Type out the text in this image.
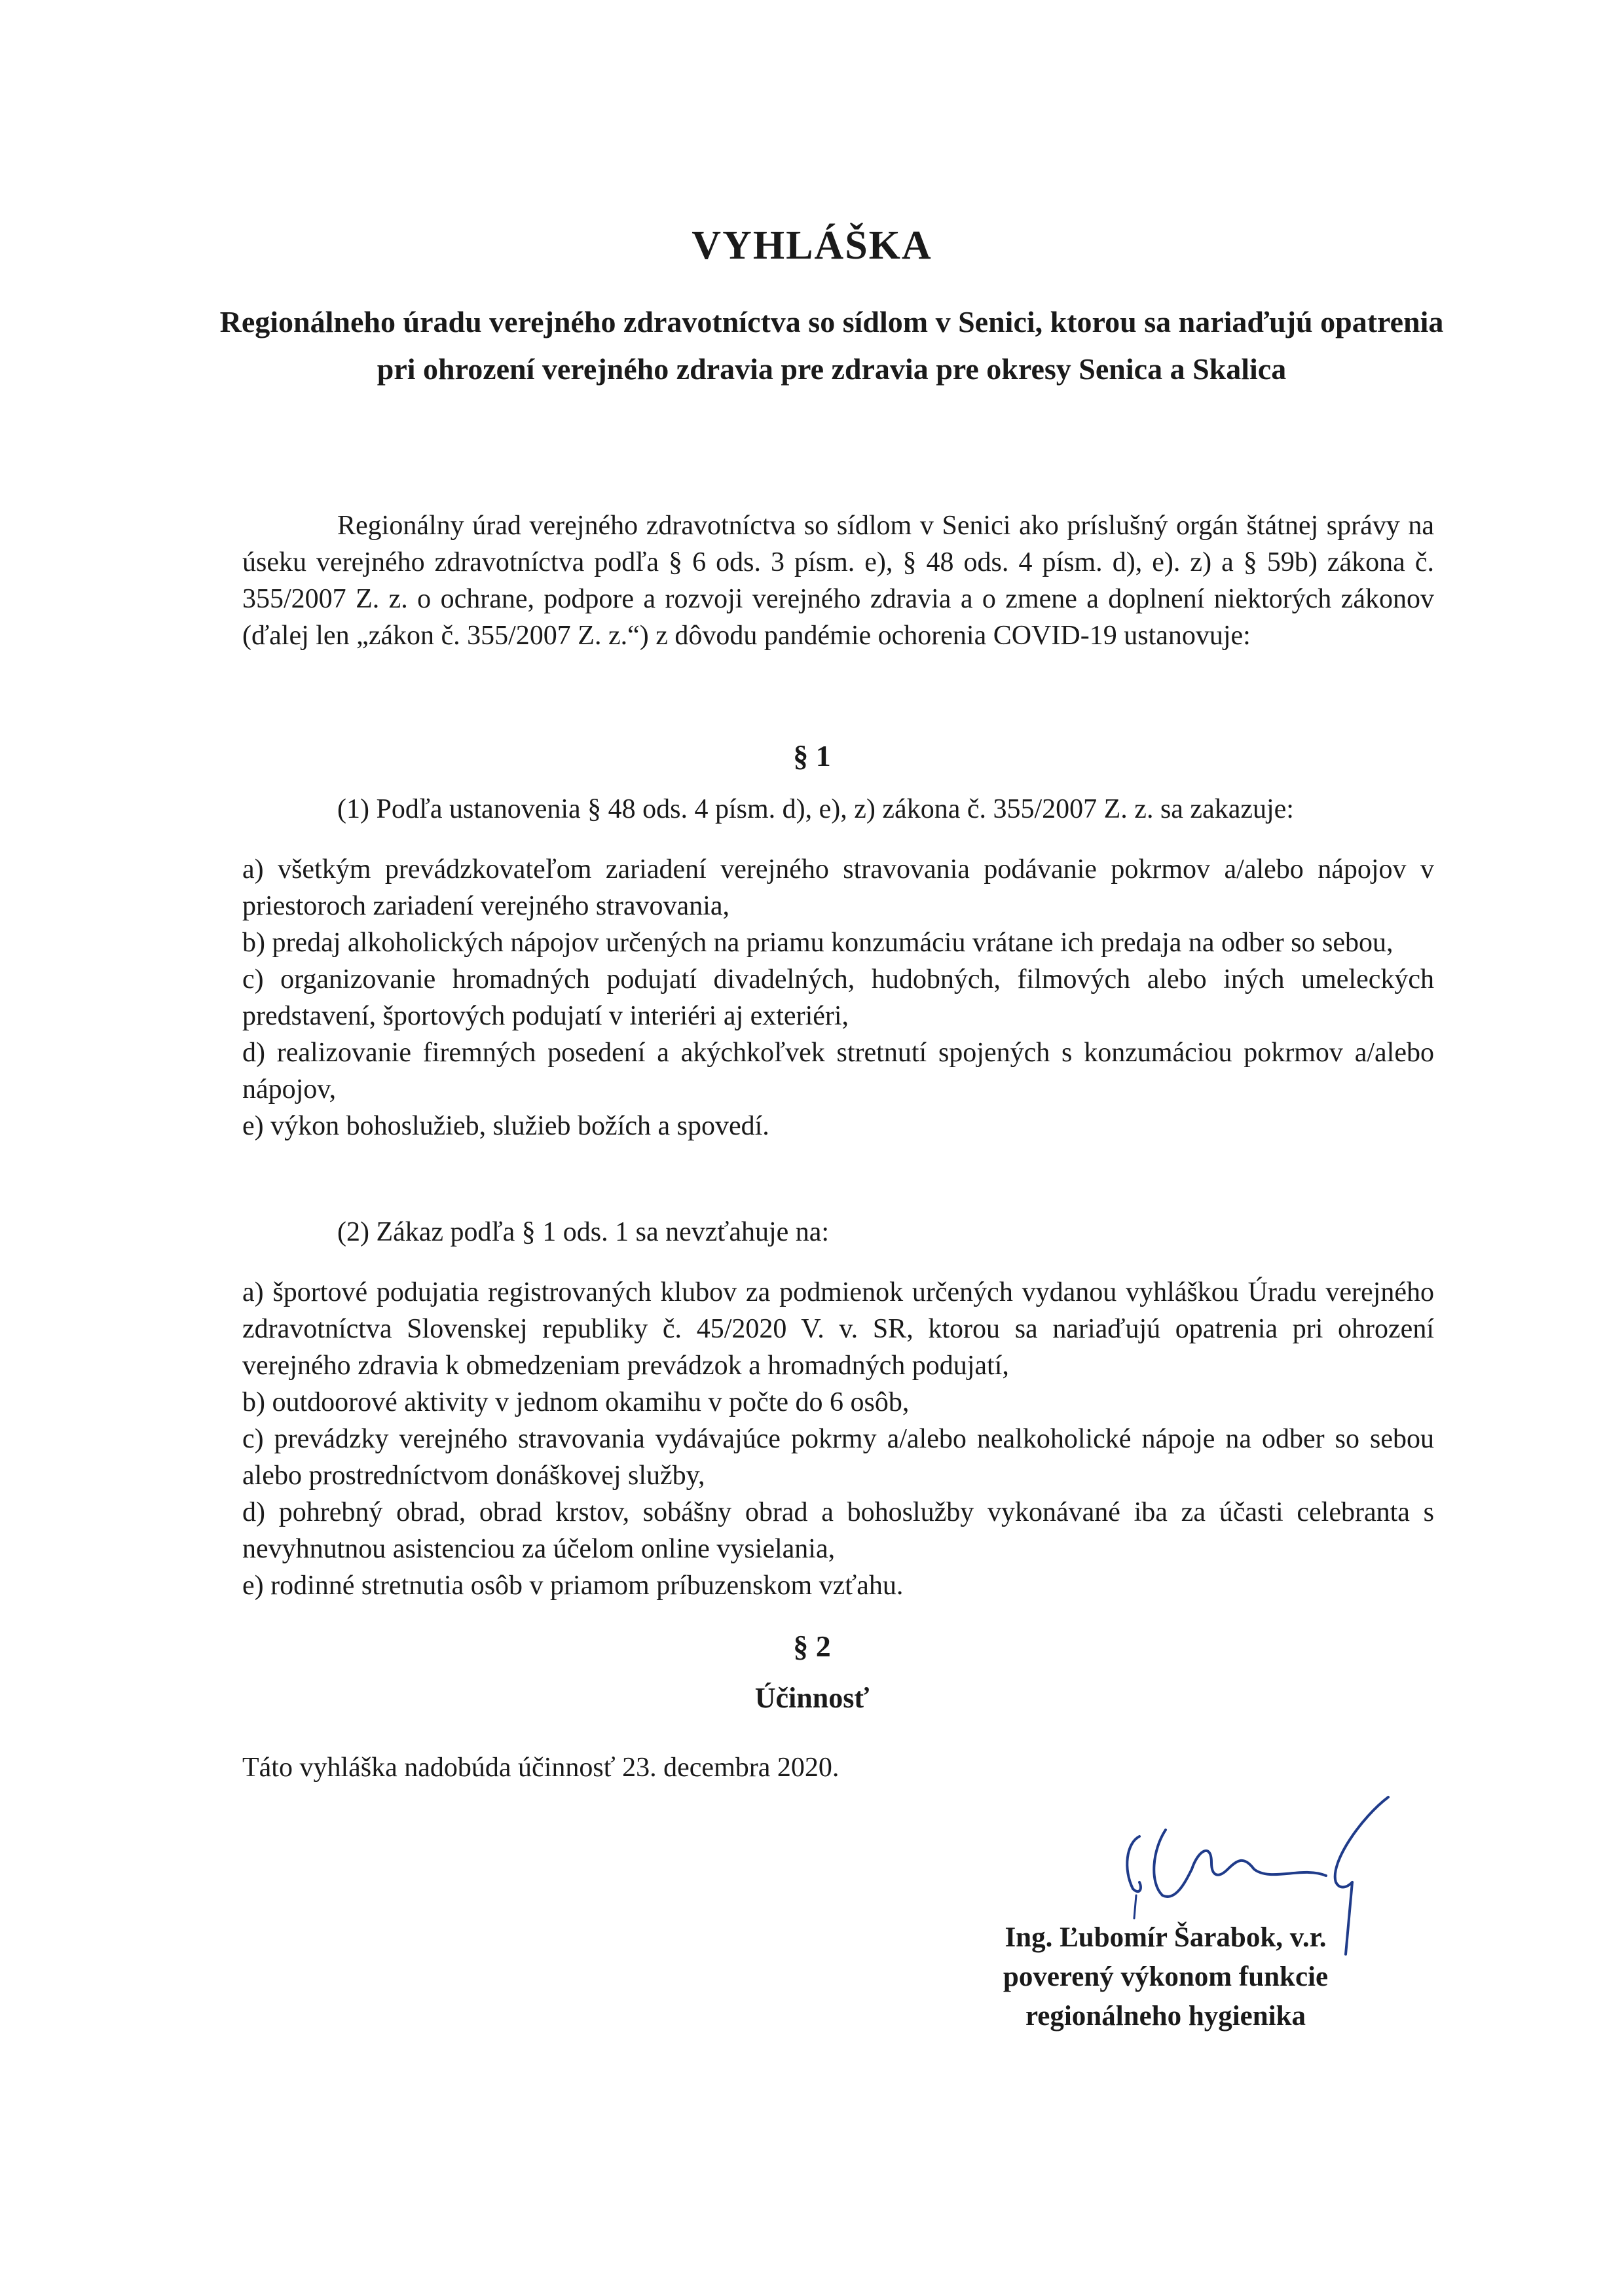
VYHLÁŠKA
Regionálneho úradu verejného zdravotníctva so sídlom v Senici, ktorou sa nariaďujú opatrenia pri ohrození verejného zdravia pre zdravia pre okresy Senica a Skalica
Regionálny úrad verejného zdravotníctva so sídlom v Senici ako príslušný orgán štátnej správy na úseku verejného zdravotníctva podľa § 6 ods. 3 písm. e), § 48 ods. 4 písm. d), e). z) a § 59b) zákona č. 355/2007 Z. z. o ochrane, podpore a rozvoji verejného zdravia a o zmene a doplnení niektorých zákonov (ďalej len „zákon č. 355/2007 Z. z.“) z dôvodu pandémie ochorenia COVID-19 ustanovuje:
§ 1
(1) Podľa ustanovenia § 48 ods. 4 písm. d), e), z) zákona č. 355/2007 Z. z. sa zakazuje:

a) všetkým prevádzkovateľom zariadení verejného stravovania podávanie pokrmov a/alebo nápojov v priestoroch zariadení verejného stravovania,

b) predaj alkoholických nápojov určených na priamu konzumáciu vrátane ich predaja na odber so sebou,

c) organizovanie hromadných podujatí divadelných, hudobných, filmových alebo iných umeleckých predstavení, športových podujatí v interiéri aj exteriéri,

d) realizovanie firemných posedení a akýchkoľvek stretnutí spojených s konzumáciou pokrmov a/alebo nápojov,

e) výkon bohoslužieb, služieb božích a spovedí.

(2) Zákaz podľa § 1 ods. 1 sa nevzťahuje na:

a) športové podujatia registrovaných klubov za podmienok určených vydanou vyhláškou Úradu verejného zdravotníctva Slovenskej republiky č. 45/2020 V. v. SR, ktorou sa nariaďujú opatrenia pri ohrození verejného zdravia k obmedzeniam prevádzok a hromadných podujatí,

b) outdoorové aktivity v jednom okamihu v počte do 6 osôb,

c) prevádzky verejného stravovania vydávajúce pokrmy a/alebo nealkoholické nápoje na odber so sebou alebo prostredníctvom donáškovej služby,

d) pohrebný obrad, obrad krstov, sobášny obrad a bohoslužby vykonávané iba za účasti celebranta s nevyhnutnou asistenciou za účelom online vysielania,

e) rodinné stretnutia osôb v priamom príbuzenskom vzťahu.

§ 2
Účinnosť
Táto vyhláška nadobúda účinnosť 23. decembra 2020.
Ing. Ľubomír Šarabok, v.r.
poverený výkonom funkcie
regionálneho hygienika
